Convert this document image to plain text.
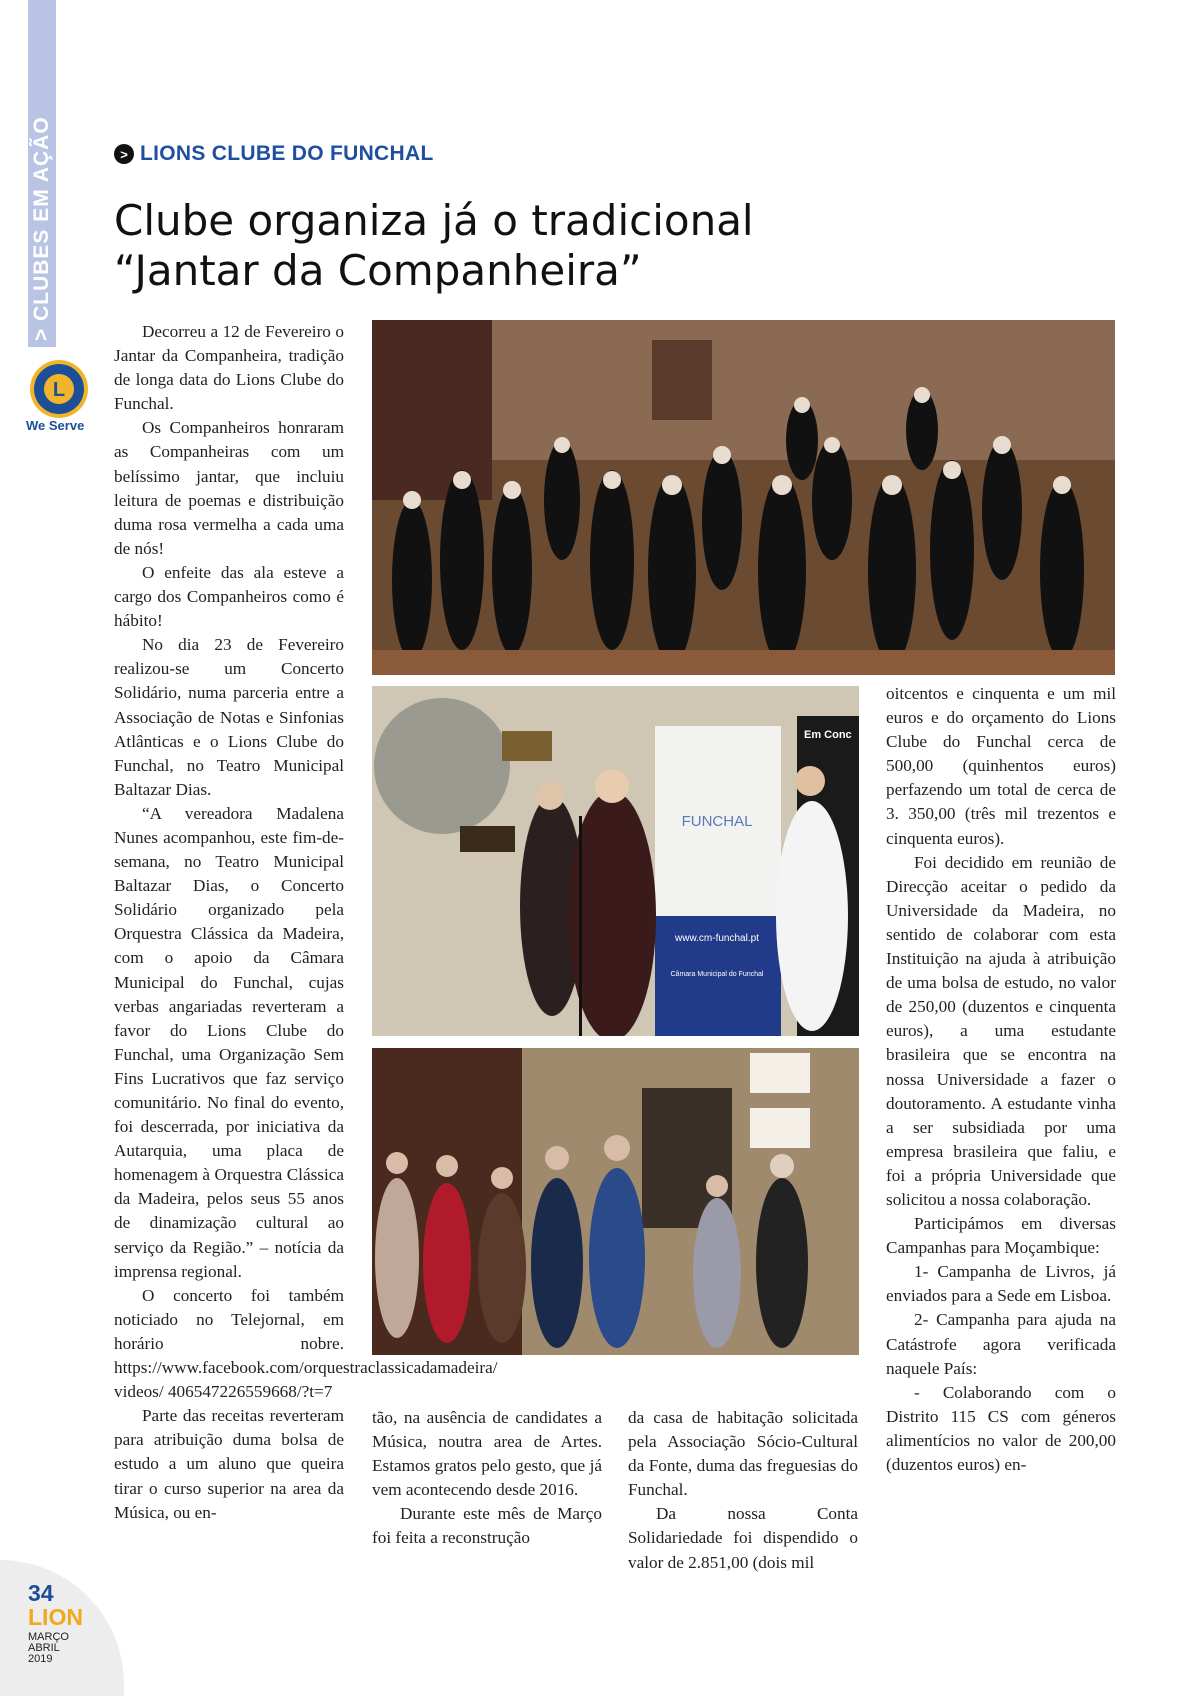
> CLUBES EM AÇÃO
L
We Serve
> LIONS CLUBE DO FUNCHAL
Clube organiza já o tradicional “Jantar da Companheira”

Decorreu a 12 de Fevereiro o Jantar da Companheira, tradição de longa data do Lions Clube do Funchal.

Os Companheiros honraram as Companheiras com um belíssimo jantar, que incluiu leitura de poemas e distribuição duma rosa vermelha a cada uma de nós!

O enfeite das ala esteve a cargo dos Companheiros como é hábito!

No dia 23 de Fevereiro realizou-se um Concerto Solidário, numa parceria entre a Associação de Notas e Sinfonias Atlânticas e o Lions Clube do Funchal, no Teatro Municipal Baltazar Dias.

“A vereadora Madalena Nunes acompanhou, este fim-de-semana, no Teatro Municipal Baltazar Dias, o Concerto Solidário organizado pela Orquestra Clássica da Madeira, com o apoio da Câmara Municipal do Funchal, cujas verbas angariadas reverteram a favor do Lions Clube do Funchal, uma Organização Sem Fins Lucrativos que faz serviço comunitário. No final do evento, foi descerrada, por iniciativa da Autarquia, uma placa de homenagem à Orquestra Clássica da Madeira, pelos seus 55 anos de dinamização cultural ao serviço da Região.” – notícia da imprensa regional.

O concerto foi também noticiado no Telejornal, em horário nobre. https://www.facebook.com/orquestraclassicadamadeira/ videos/ 406547226559668/?t=7

Parte das receitas reverteram para atribuição duma bolsa de estudo a um aluno que queira tirar o curso superior na area da Música, ou en-

FUNCHAL
www.cm-funchal.pt
Câmara Municipal do Funchal
Em Conc

tão, na ausência de candidates a Música, noutra area de Artes. Estamos gratos pelo gesto, que já vem acontecendo desde 2016.

Durante este mês de Março foi feita a reconstrução

da casa de habitação solicitada pela Associação Sócio-Cultural da Fonte, duma das freguesias do Funchal.

Da nossa Conta Solidariedade foi dispendido o valor de 2.851,00 (dois mil

oitcentos e cinquenta e um mil euros e do orçamento do Lions Clube do Funchal cerca de 500,00 (quinhentos euros) perfazendo um total de cerca de 3. 350,00 (três mil trezentos e cinquenta euros).

Foi decidido em reunião de Direcção aceitar o pedido da Universidade da Madeira, no sentido de colaborar com esta Instituição na ajuda à atribuição de uma bolsa de estudo, no valor de 250,00 (duzentos e cinquenta euros), a uma estudante brasileira que se encontra na nossa Universidade a fazer o doutoramento. A estudante vinha a ser subsidiada por uma empresa brasileira que faliu, e foi a própria Universidade que solicitou a nossa colaboração.

Participámos em diversas Campanhas para Moçambique:

1- Campanha de Livros, já enviados para a Sede em Lisboa.

2- Campanha para ajuda na Catástrofe agora verificada naquele País:

- Colaborando com o Distrito 115 CS com géneros alimentícios no valor de 200,00 (duzentos euros) en-

34
LION
MARÇO
ABRIL
2019
